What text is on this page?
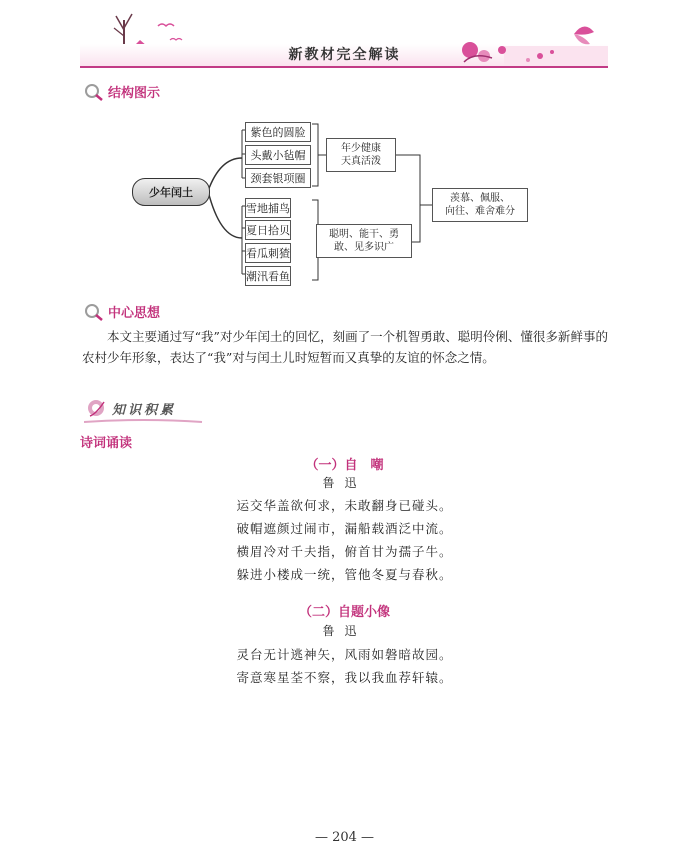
新教材完全解读
结构图示
少年闰土
紫色的圆脸
头戴小毡帽
颈套银项圈
雪地捕鸟
夏日拾贝
看瓜刺猹
潮汛看鱼
年少健康
天真活泼
聪明、能干、勇
敢、见多识广
羡慕、佩服、
向往、难舍难分
中心思想
本文主要通过写“我”对少年闰土的回忆，刻画了一个机智勇敢、聪明伶俐、懂很多新鲜事的农村少年形象，表达了“我”对与闰土儿时短暂而又真挚的友谊的怀念之情。
知识积累
诗词诵读
（一）自　嘲
鲁迅
运交华盖欲何求，未敢翻身已碰头。
破帽遮颜过闹市，漏船载酒泛中流。
横眉冷对千夫指，俯首甘为孺子牛。
躲进小楼成一统，管他冬夏与春秋。
（二）自题小像
鲁迅
灵台无计逃神矢，风雨如磐暗故园。
寄意寒星荃不察，我以我血荐轩辕。
— 204 —
